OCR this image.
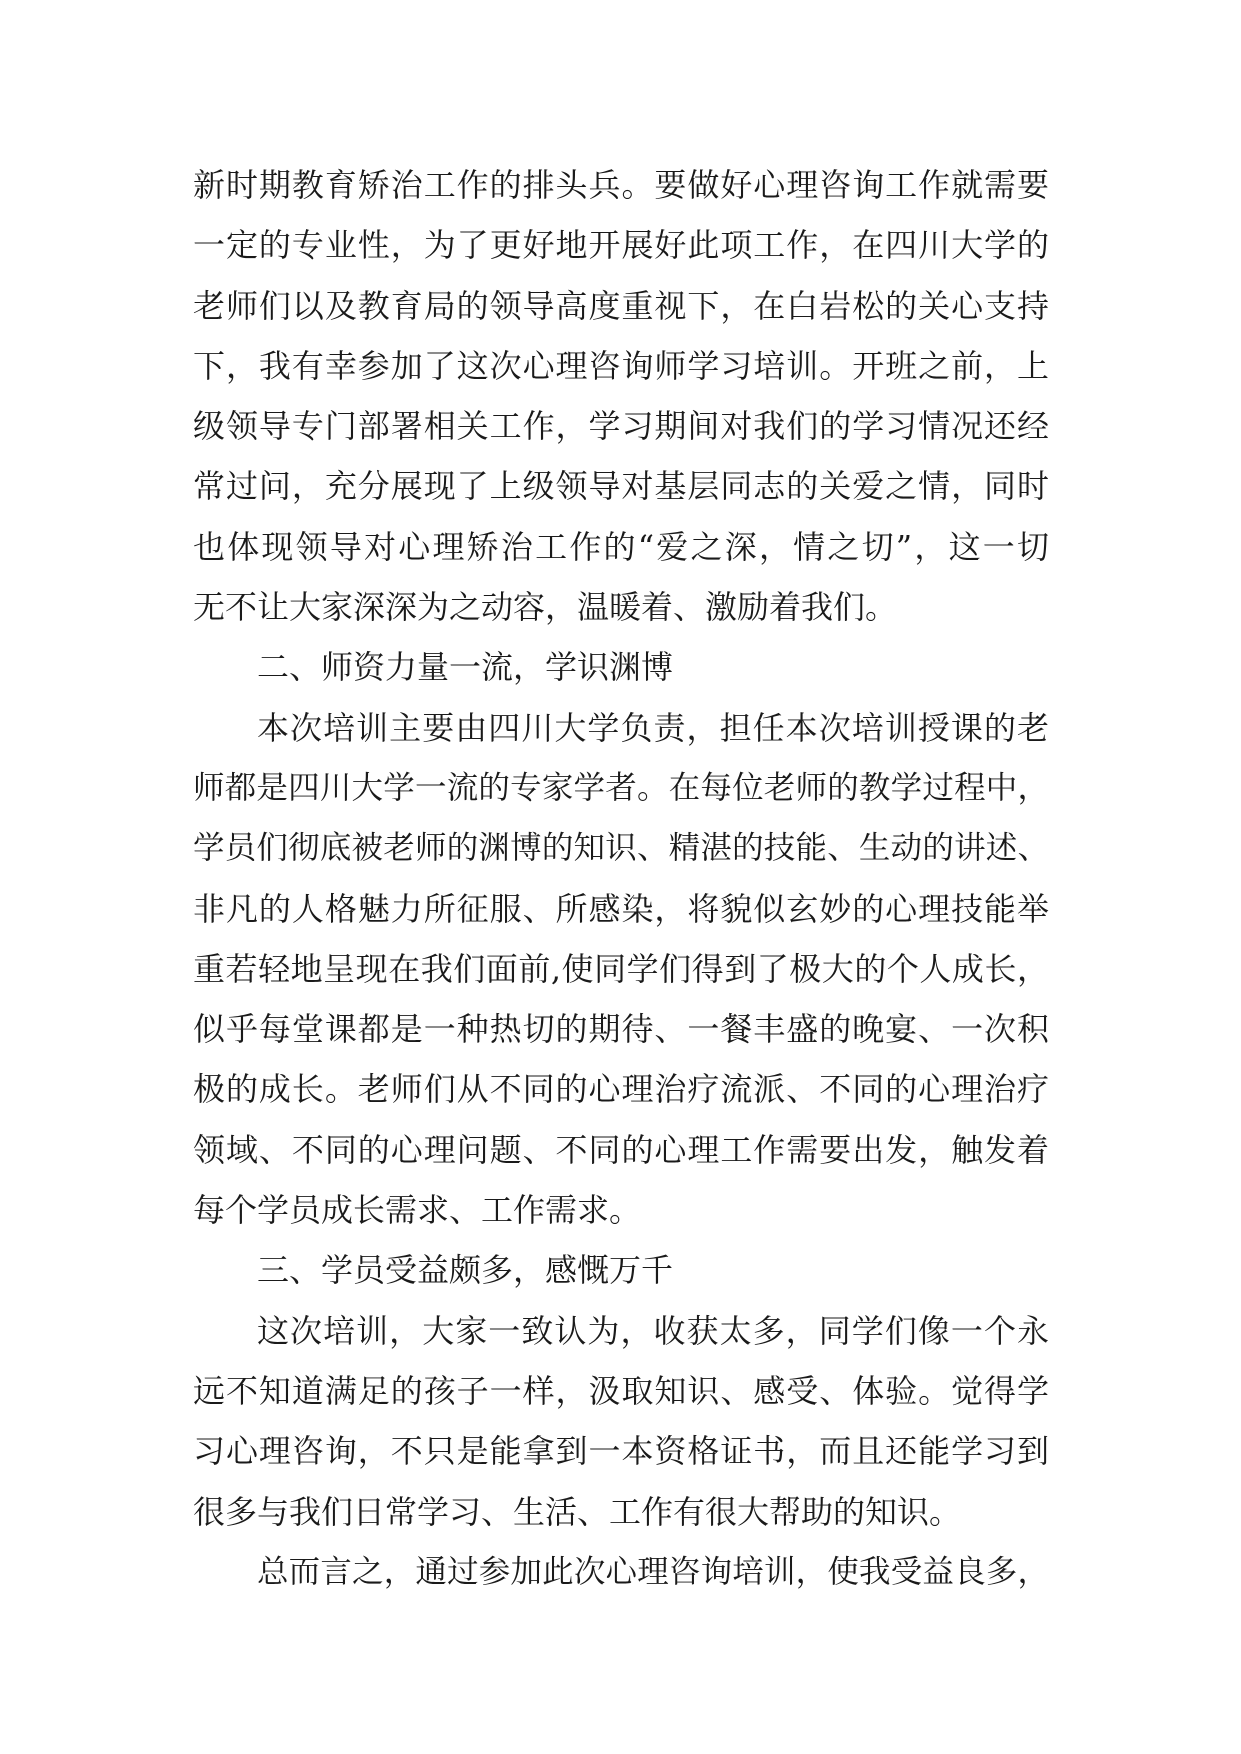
新时期教育矫治工作的排头兵。要做好心理咨询工作就需要
一定的专业性，为了更好地开展好此项工作，在四川大学的
老师们以及教育局的领导高度重视下，在白岩松的关心支持
下，我有幸参加了这次心理咨询师学习培训。开班之前，上
级领导专门部署相关工作，学习期间对我们的学习情况还经
常过问，充分展现了上级领导对基层同志的关爱之情，同时
也体现领导对心理矫治工作的“爱之深，情之切”，这一切
无不让大家深深为之动容，温暖着、激励着我们。
二、师资力量一流，学识渊博
本次培训主要由四川大学负责，担任本次培训授课的老
师都是四川大学一流的专家学者。在每位老师的教学过程中，
学员们彻底被老师的渊博的知识、精湛的技能、生动的讲述、
非凡的人格魅力所征服、所感染，将貌似玄妙的心理技能举
重若轻地呈现在我们面前,使同学们得到了极大的个人成长，
似乎每堂课都是一种热切的期待、一餐丰盛的晚宴、一次积
极的成长。老师们从不同的心理治疗流派、不同的心理治疗
领域、不同的心理问题、不同的心理工作需要出发，触发着
每个学员成长需求、工作需求。
三、学员受益颇多，感慨万千
这次培训，大家一致认为，收获太多，同学们像一个永
远不知道满足的孩子一样，汲取知识、感受、体验。觉得学
习心理咨询，不只是能拿到一本资格证书，而且还能学习到
很多与我们日常学习、生活、工作有很大帮助的知识。
总而言之，通过参加此次心理咨询培训，使我受益良多，
